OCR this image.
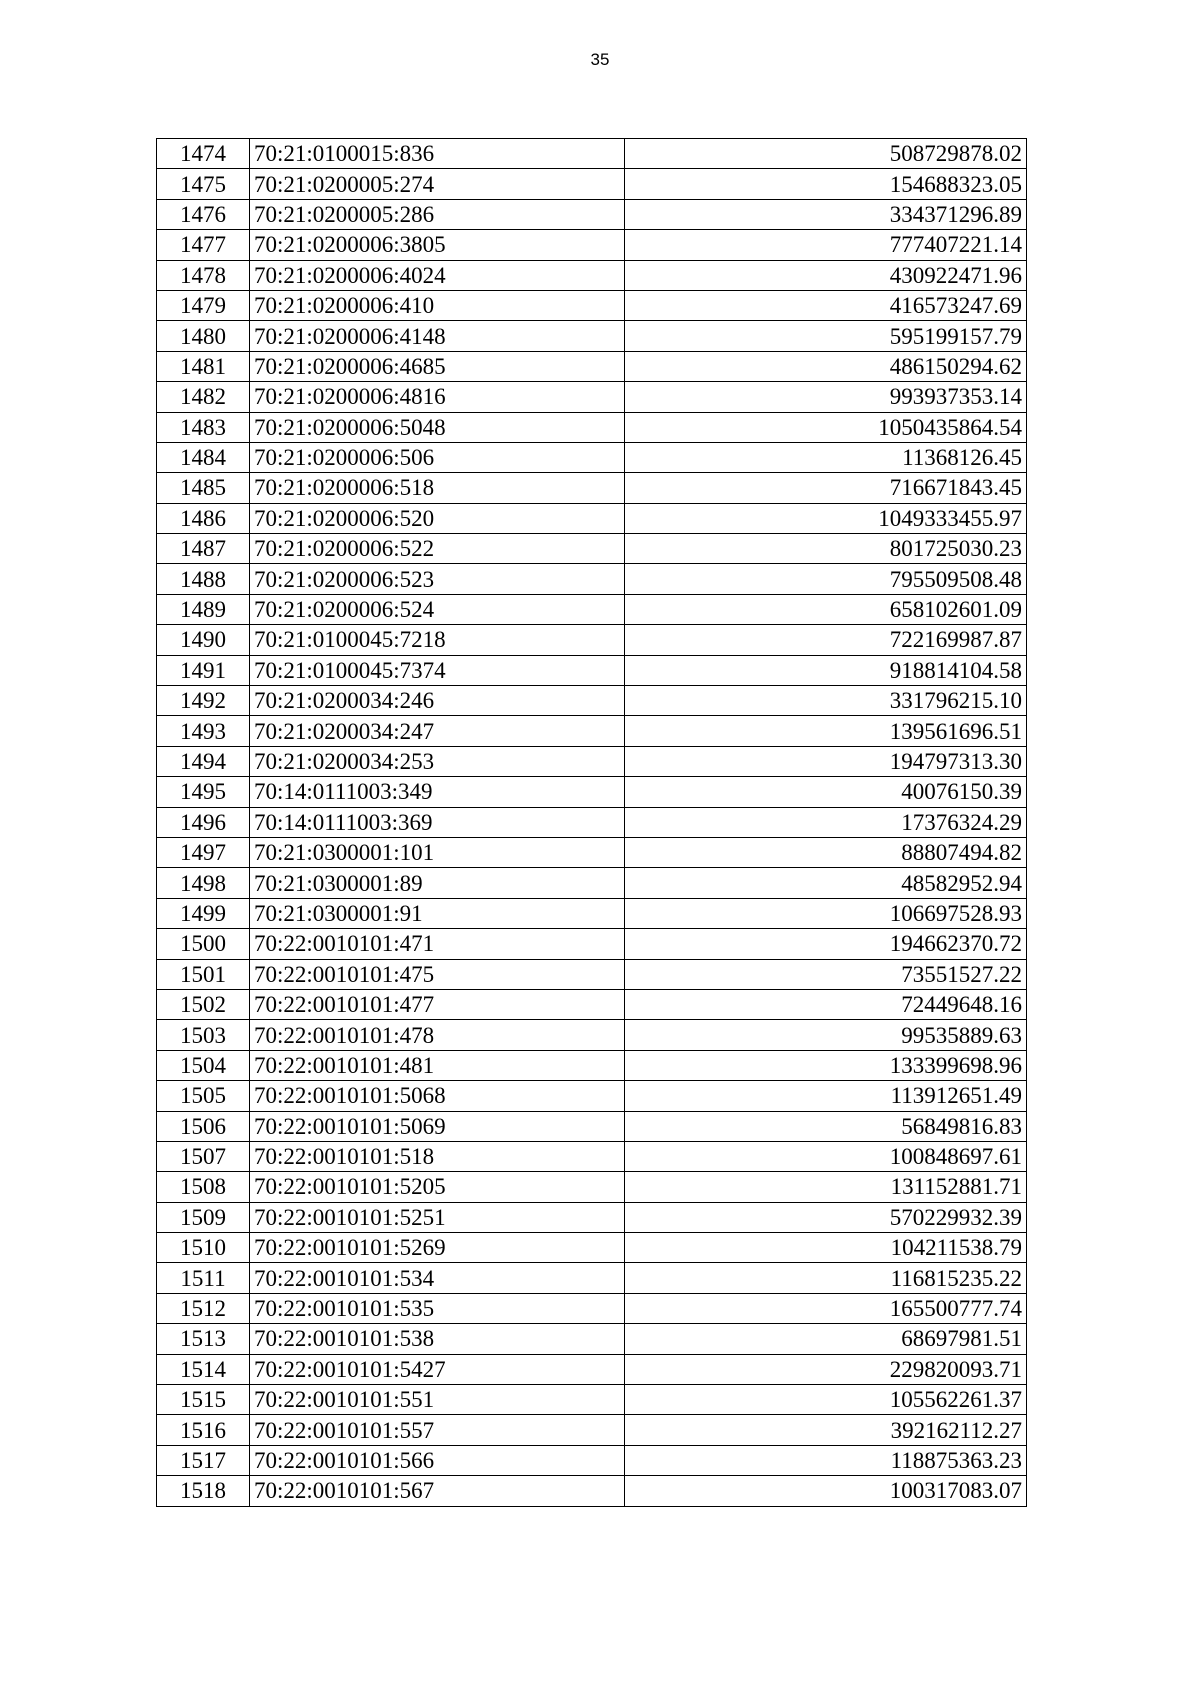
35
1474	70:21:0100015:836	508729878.02
1475	70:21:0200005:274	154688323.05
1476	70:21:0200005:286	334371296.89
1477	70:21:0200006:3805	777407221.14
1478	70:21:0200006:4024	430922471.96
1479	70:21:0200006:410	416573247.69
1480	70:21:0200006:4148	595199157.79
1481	70:21:0200006:4685	486150294.62
1482	70:21:0200006:4816	993937353.14
1483	70:21:0200006:5048	1050435864.54
1484	70:21:0200006:506	11368126.45
1485	70:21:0200006:518	716671843.45
1486	70:21:0200006:520	1049333455.97
1487	70:21:0200006:522	801725030.23
1488	70:21:0200006:523	795509508.48
1489	70:21:0200006:524	658102601.09
1490	70:21:0100045:7218	722169987.87
1491	70:21:0100045:7374	918814104.58
1492	70:21:0200034:246	331796215.10
1493	70:21:0200034:247	139561696.51
1494	70:21:0200034:253	194797313.30
1495	70:14:0111003:349	40076150.39
1496	70:14:0111003:369	17376324.29
1497	70:21:0300001:101	88807494.82
1498	70:21:0300001:89	48582952.94
1499	70:21:0300001:91	106697528.93
1500	70:22:0010101:471	194662370.72
1501	70:22:0010101:475	73551527.22
1502	70:22:0010101:477	72449648.16
1503	70:22:0010101:478	99535889.63
1504	70:22:0010101:481	133399698.96
1505	70:22:0010101:5068	113912651.49
1506	70:22:0010101:5069	56849816.83
1507	70:22:0010101:518	100848697.61
1508	70:22:0010101:5205	131152881.71
1509	70:22:0010101:5251	570229932.39
1510	70:22:0010101:5269	104211538.79
1511	70:22:0010101:534	116815235.22
1512	70:22:0010101:535	165500777.74
1513	70:22:0010101:538	68697981.51
1514	70:22:0010101:5427	229820093.71
1515	70:22:0010101:551	105562261.37
1516	70:22:0010101:557	392162112.27
1517	70:22:0010101:566	118875363.23
1518	70:22:0010101:567	100317083.07
